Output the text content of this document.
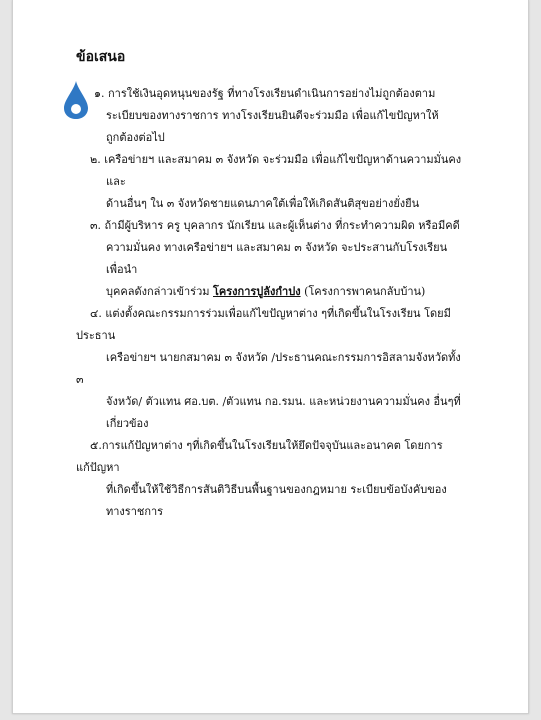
ข้อเสนอ
๑. การใช้เงินอุดหนุนของรัฐ ที่ทางโรงเรียนดำเนินการอย่างไม่ถูกต้องตาม
ระเบียบของทางราชการ ทางโรงเรียนยินดีจะร่วมมือ เพื่อแก้ไขปัญหาให้
ถูกต้องต่อไป
๒. เครือข่ายฯ และสมาคม ๓ จังหวัด จะร่วมมือ เพื่อแก้ไขปัญหาด้านความมั่นคง
และ
ด้านอื่นๆ ใน ๓ จังหวัดชายแดนภาคใต้เพื่อให้เกิดสันติสุขอย่างยั่งยืน
๓. ถ้ามีผู้บริหาร ครู บุคลากร นักเรียน และผู้เห็นต่าง ที่กระทำความผิด หรือมีคดี
ความมั่นคง ทางเครือข่ายฯ และสมาคม ๓ จังหวัด จะประสานกับโรงเรียน
เพื่อนำ
บุคคลดังกล่าวเข้าร่วม โครงการปูลังกำปง (โครงการพาคนกลับบ้าน)
๔. แต่งตั้งคณะกรรมการร่วมเพื่อแก้ไขปัญหาต่าง ๆที่เกิดขึ้นในโรงเรียน โดยมี
ประธาน
เครือข่ายฯ นายกสมาคม ๓ จังหวัด /ประธานคณะกรรมการอิสลามจังหวัดทั้ง
๓
จังหวัด/ ตัวแทน ศอ.บต. /ตัวแทน กอ.รมน. และหน่วยงานความมั่นคง อื่นๆที่
เกี่ยวข้อง
๕.การแก้ปัญหาต่าง ๆที่เกิดขึ้นในโรงเรียนให้ยึดปัจจุบันและอนาคต โดยการ
แก้ปัญหา
ที่เกิดขึ้นให้ใช้วิธีการสันติวิธีบนพื้นฐานของกฎหมาย ระเบียบข้อบังคับของ
ทางราชการ
